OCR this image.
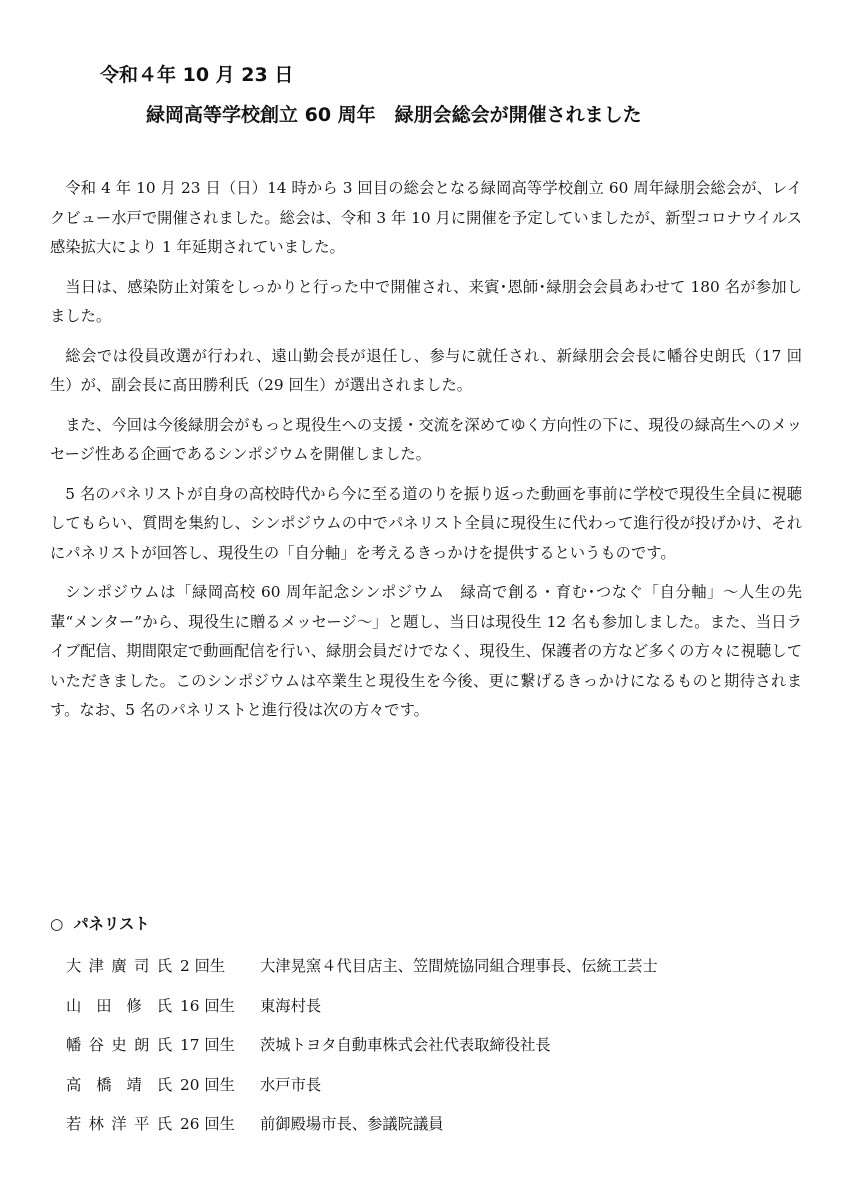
令和４年 10 月 23 日
緑岡高等学校創立 60 周年　緑朋会総会が開催されました

令和 4 年 10 月 23 日（日）14 時から 3 回目の総会となる緑岡高等学校創立 60 周年緑朋会総会が、レイクビュー水戸で開催されました。総会は、令和 3 年 10 月に開催を予定していましたが、新型コロナウイルス感染拡大により 1 年延期されていました。

当日は、感染防止対策をしっかりと行った中で開催され、来賓･恩師･緑朋会会員あわせて 180 名が参加しました。

総会では役員改選が行われ、遠山勤会長が退任し、参与に就任され、新緑朋会会長に幡谷史朗氏（17 回生）が、副会長に髙田勝利氏（29 回生）が選出されました。

また、今回は今後緑朋会がもっと現役生への支援・交流を深めてゆく方向性の下に、現役の緑高生へのメッセージ性ある企画であるシンポジウムを開催しました。

5 名のパネリストが自身の高校時代から今に至る道のりを振り返った動画を事前に学校で現役生全員に視聴してもらい、質問を集約し、シンポジウムの中でパネリスト全員に現役生に代わって進行役が投げかけ、それにパネリストが回答し、現役生の「自分軸」を考えるきっかけを提供するというものです。

シンポジウムは「緑岡高校 60 周年記念シンポジウム　緑高で創る・育む･つなぐ「自分軸」～人生の先輩“メンター”から、現役生に贈るメッセージ～」と題し、当日は現役生 12 名も参加しました。また、当日ライブ配信、期間限定で動画配信を行い、緑朋会員だけでなく、現役生、保護者の方など多くの方々に視聴していただきました。このシンポジウムは卒業生と現役生を今後、更に繋げるきっかけになるものと期待されます。なお、5 名のパネリストと進行役は次の方々です。

○ パネリスト
大津廣司氏 2 回生	大津晃窯４代目店主、笠間焼協同組合理事長、伝統工芸士
山田修氏 16 回生	東海村長
幡谷史朗氏 17 回生	茨城トヨタ自動車株式会社代表取締役社長
高橋靖氏 20 回生	水戸市長
若林洋平氏 26 回生	前御殿場市長、参議院議員
